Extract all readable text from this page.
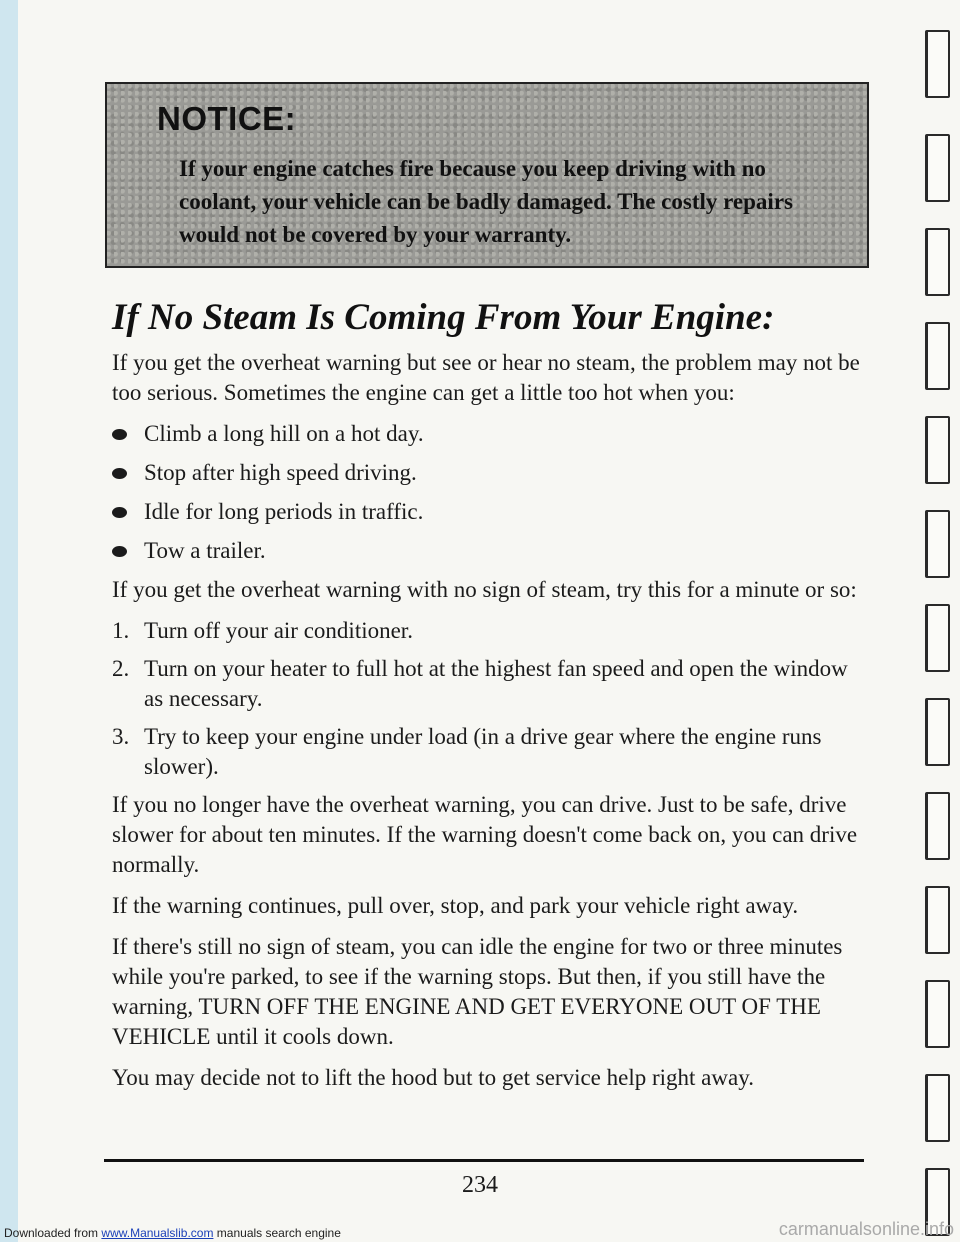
NOTICE:

If your engine catches fire because you keep driving with no coolant, your vehicle can be badly damaged. The costly repairs would not be covered by your warranty.

If No Steam Is Coming From Your Engine:

If you get the overheat warning but see or hear no steam, the problem may not be too serious. Sometimes the engine can get a little too hot when you:

Climb a long hill on a hot day.
Stop after high speed driving.
Idle for long periods in traffic.
Tow a trailer.

If you get the overheat warning with no sign of steam, try this for a minute or so:

1. Turn off your air conditioner.
2. Turn on your heater to full hot at the highest fan speed and open the window as necessary.
3. Try to keep your engine under load (in a drive gear where the engine runs slower).

If you no longer have the overheat warning, you can drive. Just to be safe, drive slower for about ten minutes. If the warning doesn't come back on, you can drive normally.

If the warning continues, pull over, stop, and park your vehicle right away.

If there's still no sign of steam, you can idle the engine for two or three minutes while you're parked, to see if the warning stops. But then, if you still have the warning, TURN OFF THE ENGINE AND GET EVERYONE OUT OF THE VEHICLE until it cools down.

You may decide not to lift the hood but to get service help right away.

234
Downloaded from www.Manualslib.com manuals search engine	carmanualsonline.info
